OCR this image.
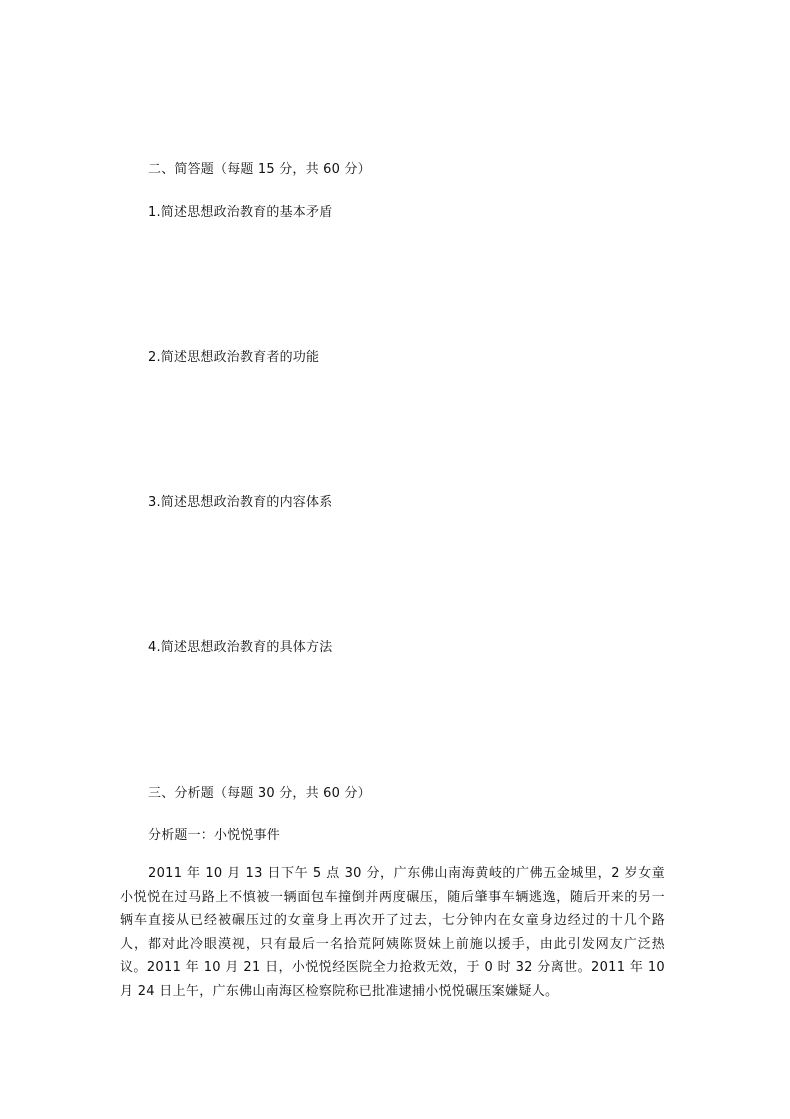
二、简答题（每题 15 分，共 60 分）
1.简述思想政治教育的基本矛盾
2.简述思想政治教育者的功能
3.简述思想政治教育的内容体系
4.简述思想政治教育的具体方法
三、分析题（每题 30 分，共 60 分）
分析题一：小悦悦事件
2011 年 10 月 13 日下午 5 点 30 分，广东佛山南海黄岐的广佛五金城里，2 岁女童小悦悦在过马路上不慎被一辆面包车撞倒并两度碾压，随后肇事车辆逃逸，随后开来的另一辆车直接从已经被碾压过的女童身上再次开了过去，七分钟内在女童身边经过的十几个路人，都对此冷眼漠视，只有最后一名拾荒阿姨陈贤妹上前施以援手，由此引发网友广泛热议。2011 年 10 月 21 日，小悦悦经医院全力抢救无效，于 0 时 32 分离世。2011 年 10 月 24 日上午，广东佛山南海区检察院称已批准逮捕小悦悦碾压案嫌疑人。
